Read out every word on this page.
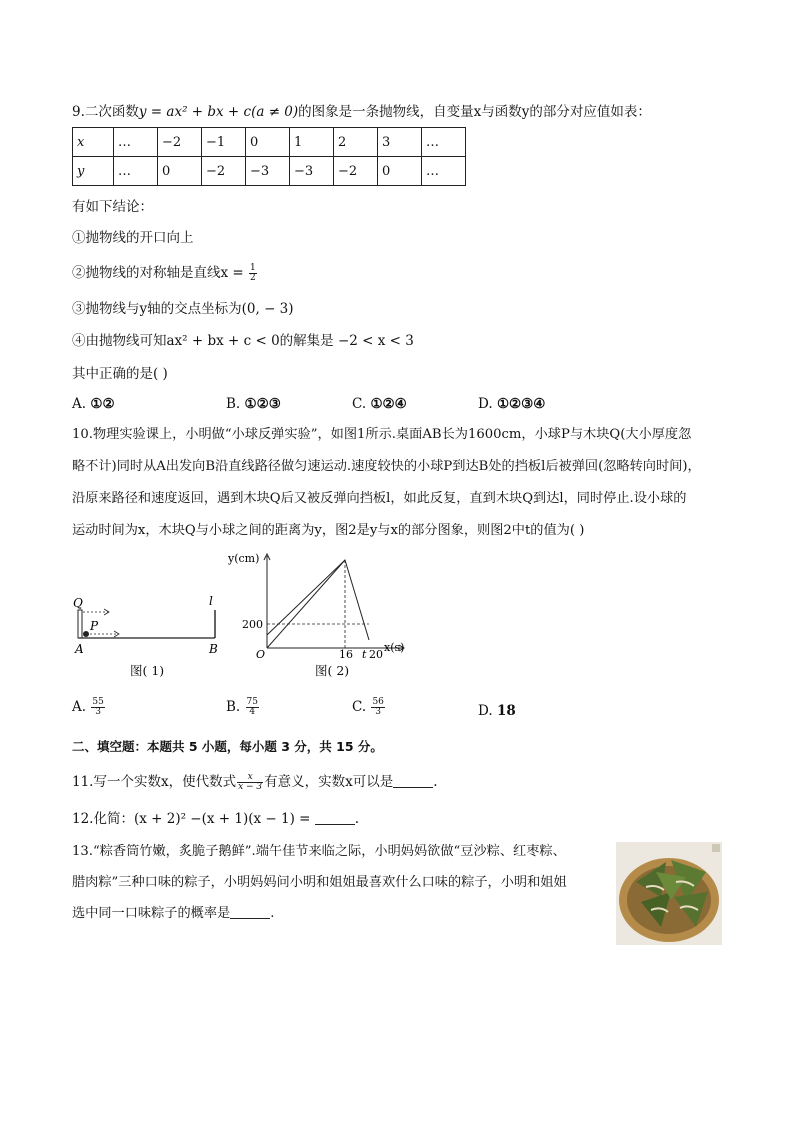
9.二次函数y = ax² + bx + c(a ≠ 0)的图象是一条抛物线，自变量x与函数y的部分对应值如表：
x	…	−2	−1	0	1	2	3	…
y	…	0	−2	−3	−3	−2	0	…
有如下结论：
①抛物线的开口向上
②抛物线的对称轴是直线$x = \frac{1}{2}$
③抛物线与y轴的交点坐标为(0, − 3)
④由抛物线可知ax² + bx + c < 0的解集是 −2 < x < 3
其中正确的是( )
A. ①②	B. ①②③	C. ①②④	D. ①②③④
10.物理实验课上，小明做“小球反弹实验”，如图1所示.桌面AB长为1600cm，小球P与木块Q(大小厚度忽
略不计)同时从A出发向B沿直线路径做匀速运动.速度较快的小球P到达B处的挡板l后被弹回(忽略转向时间)，
沿原来路径和速度返回，遇到木块Q后又被反弹向挡板l，如此反复，直到木块Q到达l，同时停止.设小球的
运动时间为x，木块Q与小球之间的距离为y，图2是y与x的部分图象，则图2中t的值为( )
Q
P
l
A	B
图( 1)
y(cm)
200
O	16 t 20
x(s)
图( 2)
A. $\frac{55}{3}$	B. $\frac{75}{4}$	C. $\frac{56}{3}$	D. 18
二、填空题：本题共 5 小题，每小题 3 分，共 15 分。
11.写一个实数x，使代数式 $\frac{x}{x - 3}$ 有意义，实数x可以是	.
12.化简：(x + 2)² −(x + 1)(x − 1) =	.
13.“粽香筒竹嫩，炙脆子鹅鲜”.端午佳节来临之际，小明妈妈欲做“豆沙粽、红枣粽、
腊肉粽”三种口味的粽子，小明妈妈问小明和姐姐最喜欢什么口味的粽子，小明和姐姐
选中同一口味粽子的概率是	.
